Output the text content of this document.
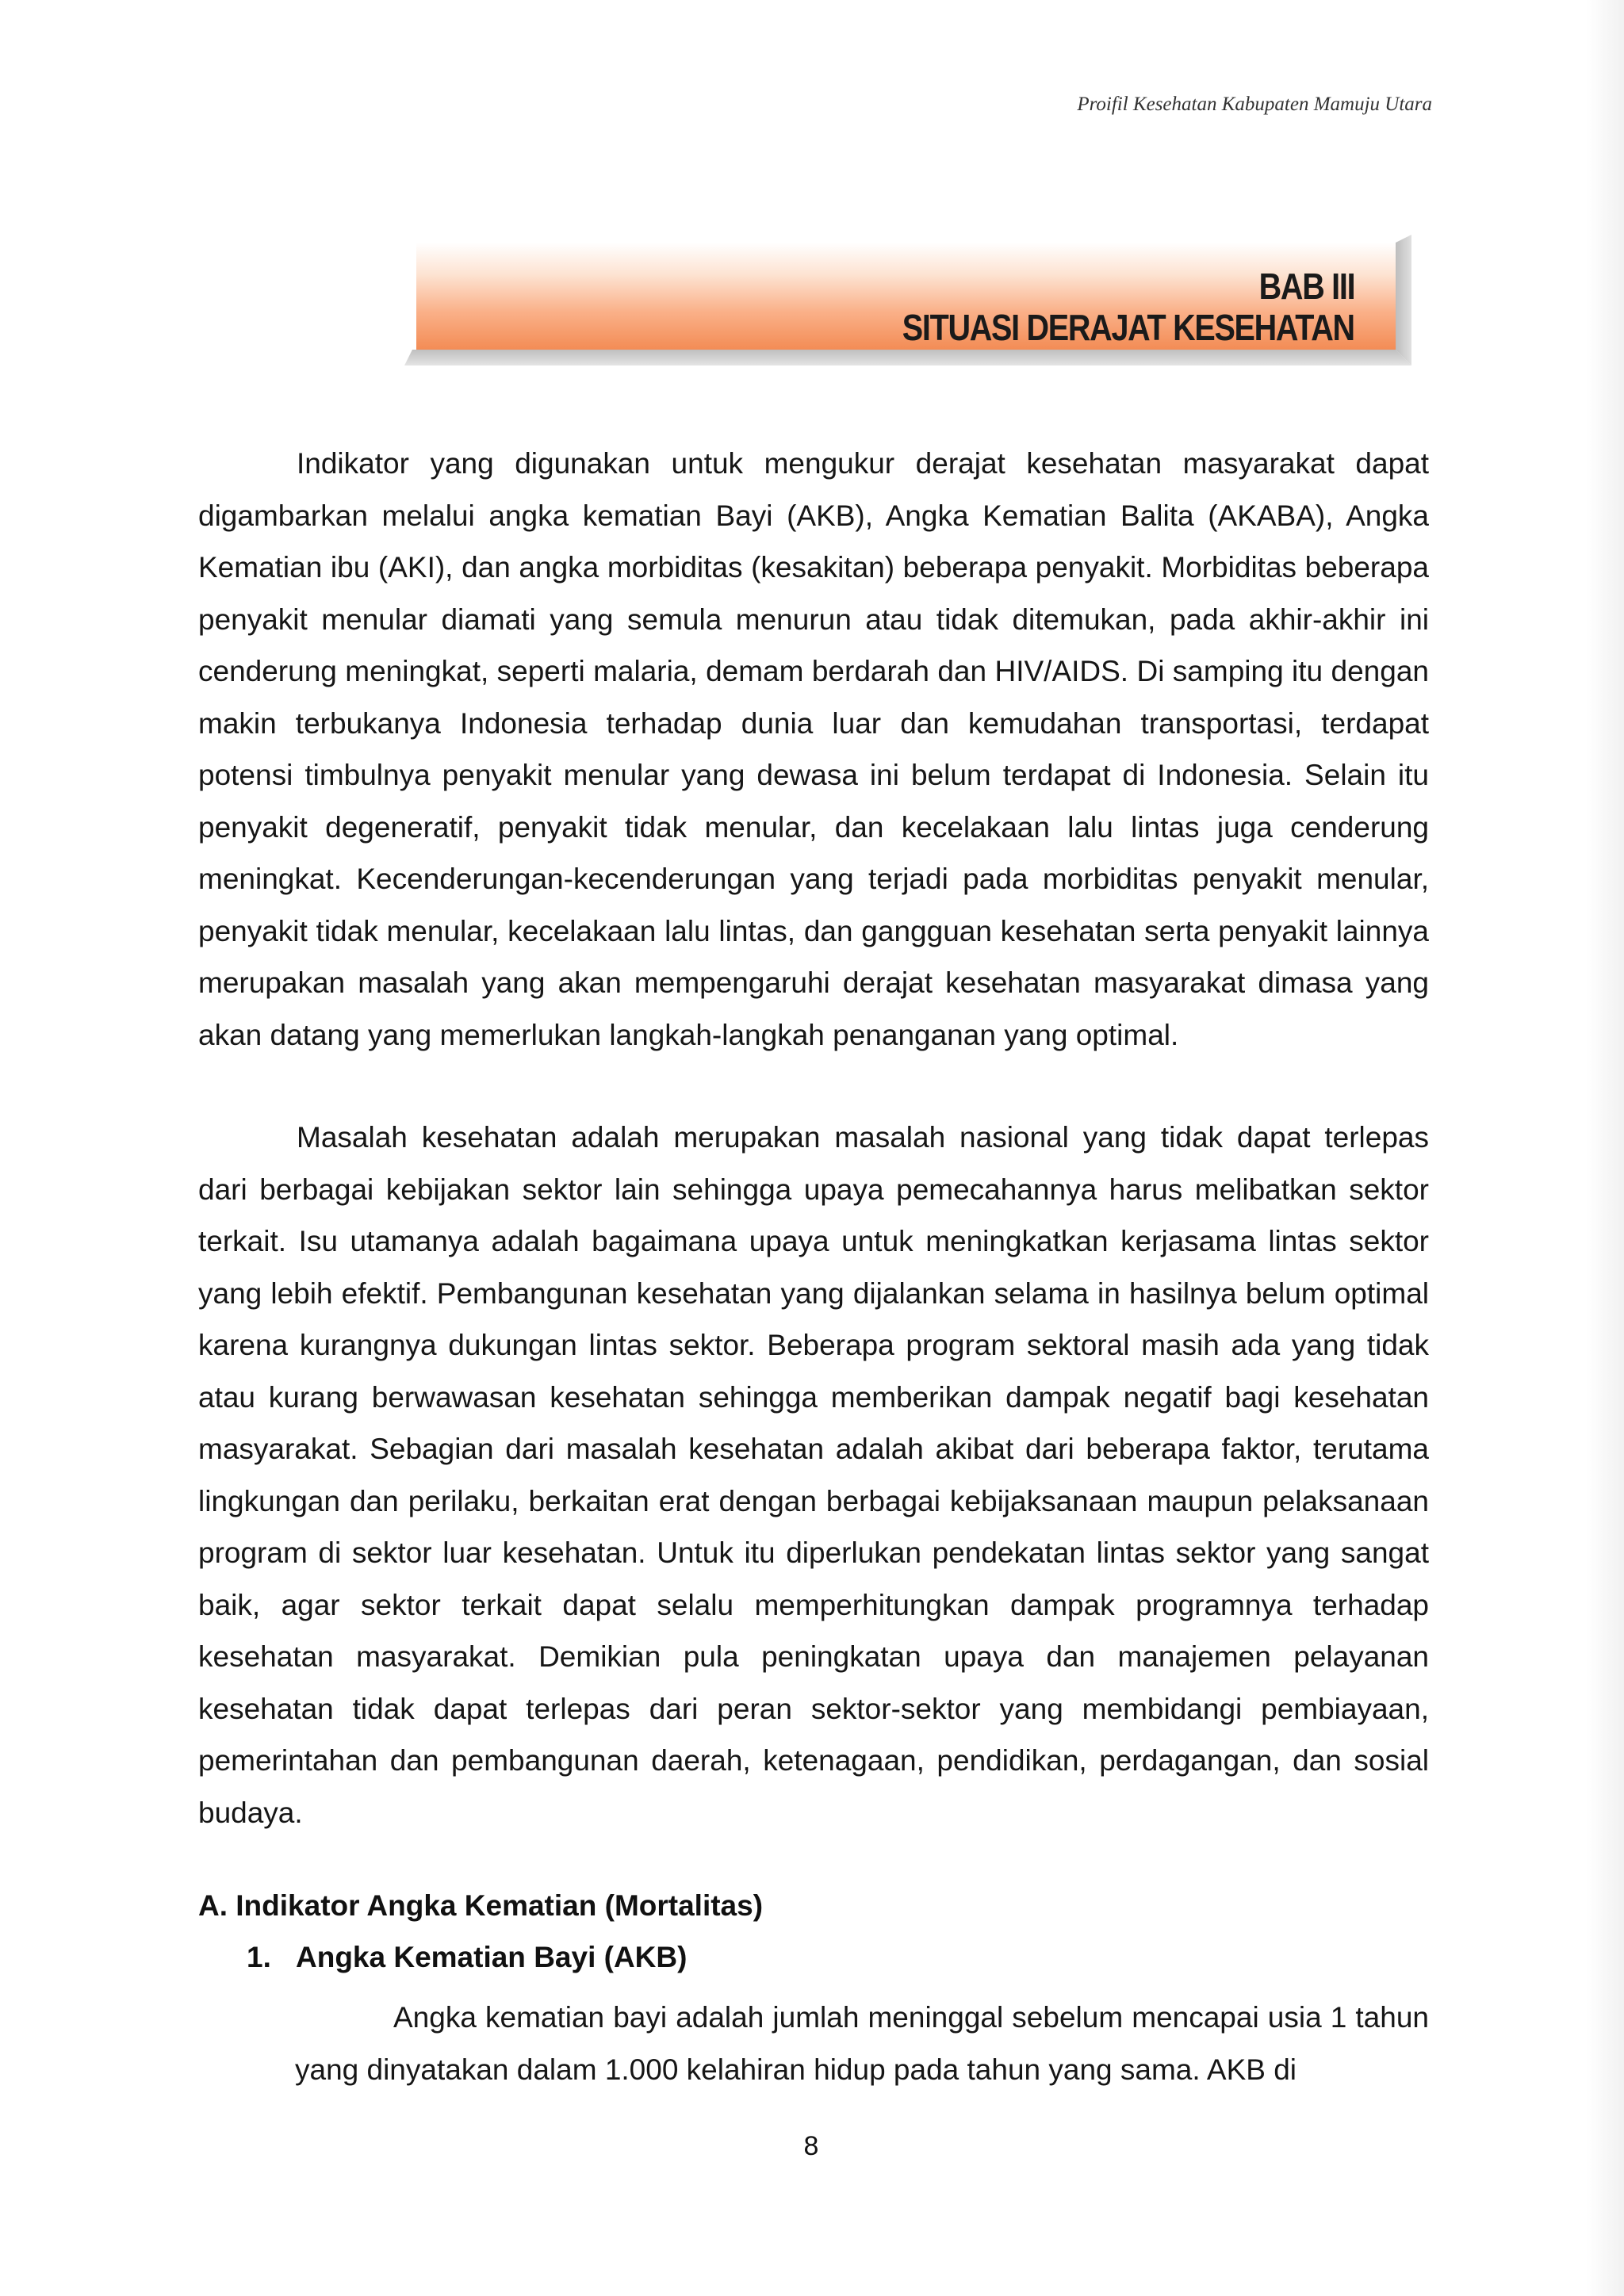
Proifil Kesehatan Kabupaten Mamuju Utara
BAB III
SITUASI DERAJAT KESEHATAN

Indikator yang digunakan untuk mengukur derajat kesehatan masyarakat dapat digambarkan melalui angka kematian Bayi (AKB), Angka Kematian Balita (AKABA), Angka Kematian ibu (AKI), dan angka morbiditas (kesakitan) beberapa penyakit. Morbiditas beberapa penyakit menular diamati yang semula menurun atau tidak ditemukan, pada akhir-akhir ini cenderung meningkat, seperti malaria, demam berdarah dan HIV/AIDS. Di samping itu dengan makin terbukanya Indonesia terhadap dunia luar dan kemudahan transportasi, terdapat potensi timbulnya penyakit menular yang dewasa ini belum terdapat di Indonesia. Selain itu penyakit degeneratif, penyakit tidak menular, dan kecelakaan lalu lintas juga cenderung meningkat. Kecenderungan-kecenderungan yang terjadi pada morbiditas penyakit menular, penyakit tidak menular, kecelakaan lalu lintas, dan gangguan kesehatan serta penyakit lainnya merupakan masalah yang akan mempengaruhi derajat kesehatan masyarakat dimasa yang akan datang yang memerlukan langkah-langkah penanganan yang optimal.

Masalah kesehatan adalah merupakan masalah nasional yang tidak dapat terlepas dari berbagai kebijakan sektor lain sehingga upaya pemecahannya harus melibatkan sektor terkait. Isu utamanya adalah bagaimana upaya untuk meningkatkan kerjasama lintas sektor yang lebih efektif. Pembangunan kesehatan yang dijalankan selama in hasilnya belum optimal karena kurangnya dukungan lintas sektor. Beberapa program sektoral masih ada yang tidak atau kurang berwawasan kesehatan sehingga memberikan dampak negatif bagi kesehatan masyarakat. Sebagian dari masalah kesehatan adalah akibat dari beberapa faktor, terutama lingkungan dan perilaku, berkaitan erat dengan berbagai kebijaksanaan maupun pelaksanaan program di sektor luar kesehatan. Untuk itu diperlukan pendekatan lintas sektor yang sangat baik, agar sektor terkait dapat selalu memperhitungkan dampak programnya terhadap kesehatan masyarakat. Demikian pula peningkatan upaya dan manajemen pelayanan kesehatan tidak dapat terlepas dari peran sektor-sektor yang membidangi pembiayaan, pemerintahan dan pembangunan daerah, ketenagaan, pendidikan, perdagangan, dan sosial budaya.

A. Indikator Angka Kematian (Mortalitas)
1. Angka Kematian Bayi (AKB)

Angka kematian bayi adalah jumlah meninggal sebelum mencapai usia 1 tahun yang dinyatakan dalam 1.000 kelahiran hidup pada tahun yang sama. AKB di

8
